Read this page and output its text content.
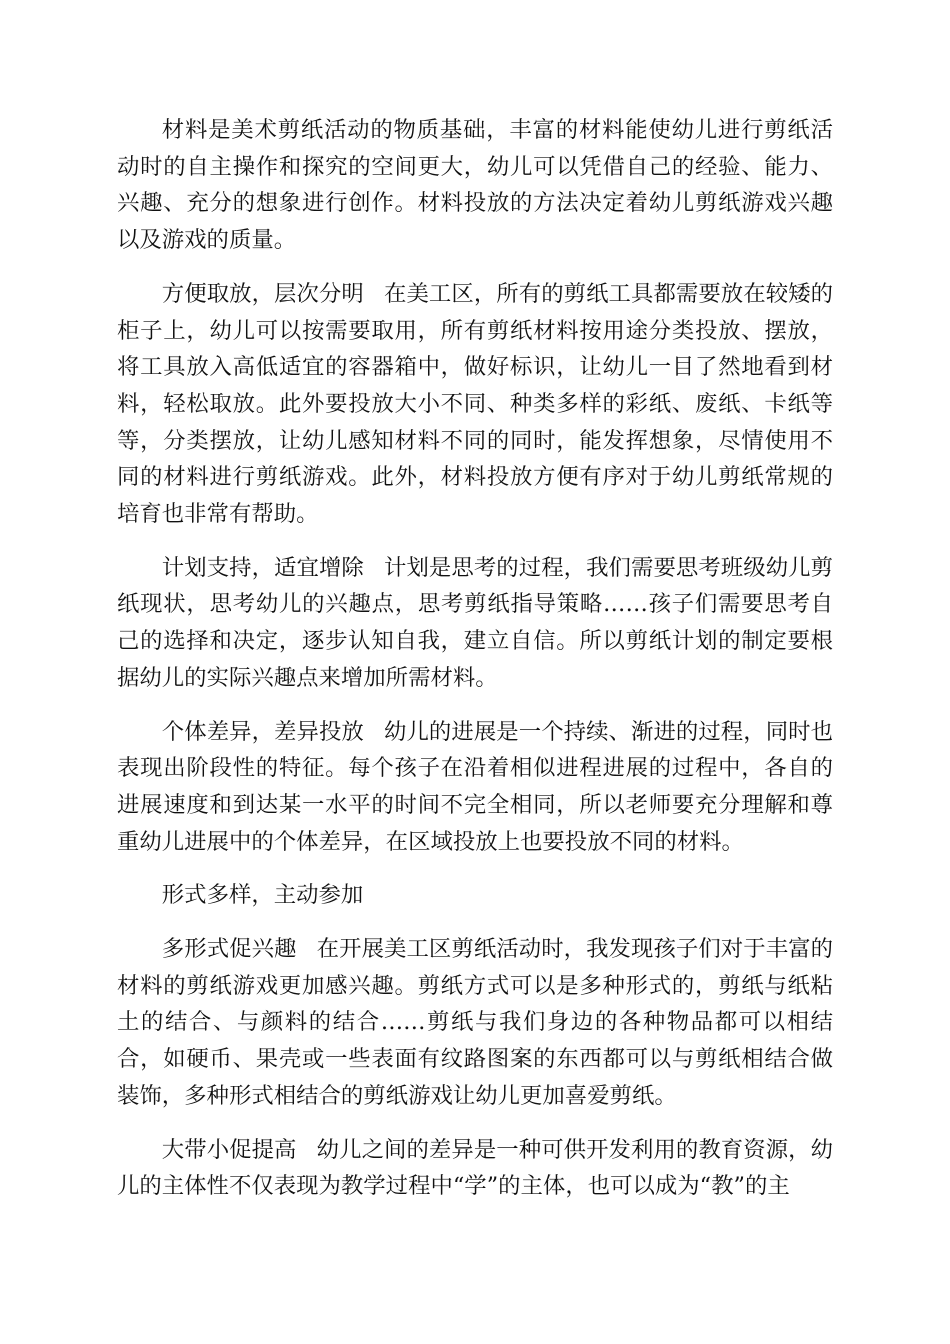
材料是美术剪纸活动的物质基础，丰富的材料能使幼儿进行剪纸活动时的自主操作和探究的空间更大，幼儿可以凭借自己的经验、能力、兴趣、充分的想象进行创作。材料投放的方法决定着幼儿剪纸游戏兴趣以及游戏的质量。

方便取放，层次分明 在美工区，所有的剪纸工具都需要放在较矮的柜子上，幼儿可以按需要取用，所有剪纸材料按用途分类投放、摆放，将工具放入高低适宜的容器箱中，做好标识，让幼儿一目了然地看到材料，轻松取放。此外要投放大小不同、种类多样的彩纸、废纸、卡纸等等，分类摆放，让幼儿感知材料不同的同时，能发挥想象，尽情使用不同的材料进行剪纸游戏。此外，材料投放方便有序对于幼儿剪纸常规的培育也非常有帮助。

计划支持，适宜增除 计划是思考的过程，我们需要思考班级幼儿剪纸现状，思考幼儿的兴趣点，思考剪纸指导策略……孩子们需要思考自己的选择和决定，逐步认知自我，建立自信。所以剪纸计划的制定要根据幼儿的实际兴趣点来增加所需材料。

个体差异，差异投放 幼儿的进展是一个持续、渐进的过程，同时也表现出阶段性的特征。每个孩子在沿着相似进程进展的过程中，各自的进展速度和到达某一水平的时间不完全相同，所以老师要充分理解和尊重幼儿进展中的个体差异，在区域投放上也要投放不同的材料。

形式多样，主动参加

多形式促兴趣 在开展美工区剪纸活动时，我发现孩子们对于丰富的材料的剪纸游戏更加感兴趣。剪纸方式可以是多种形式的，剪纸与纸粘土的结合、与颜料的结合……剪纸与我们身边的各种物品都可以相结合，如硬币、果壳或一些表面有纹路图案的东西都可以与剪纸相结合做装饰，多种形式相结合的剪纸游戏让幼儿更加喜爱剪纸。

大带小促提高 幼儿之间的差异是一种可供开发利用的教育资源，幼儿的主体性不仅表现为教学过程中“学”的主体，也可以成为“教”的主
